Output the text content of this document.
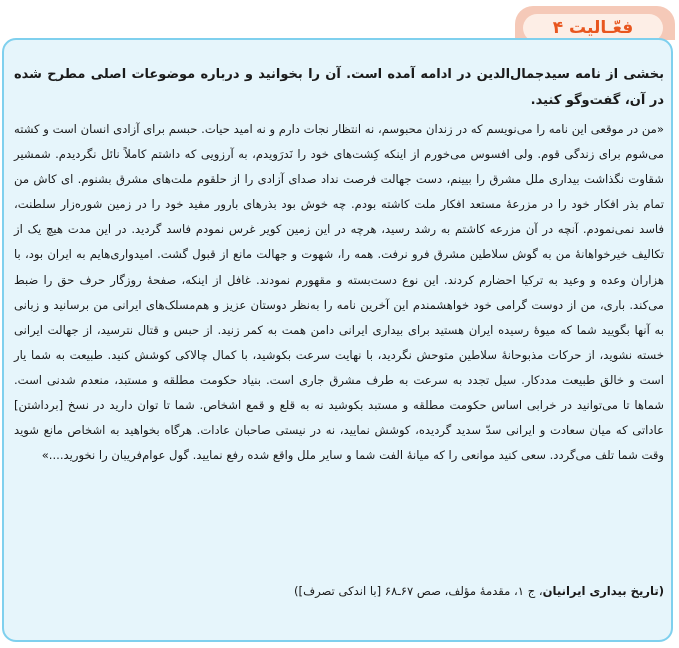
فعّـالیت ۴

بخشی از نامه سیدجمال‌الدین در ادامه آمده است. آن را بخوانید و درباره موضوعات اصلی مطرح شده در آن، گفت‌وگو کنید.

«من در موقعی این نامه را می‌نویسم که در زندان محبوسم، نه انتظار نجات دارم و نه امید حیات. حبسم برای آزادی انسان است و کشته می‌شوم برای زندگی قوم. ولی افسوس می‌خورم از اینکه کِشت‌های خود را نَدرَویدم، به آرزویی که داشتم کاملاً نائل نگردیدم. شمشیر شقاوت نگذاشت بیداری ملل مشرق را بیینم، دست جهالت فرصت نداد صدای آزادی را از حلقوم ملت‌های مشرق بشنوم. ای کاش من تمام بذر افکار خود را در مزرعهٔ مستعد افکار ملت کاشته بودم. چه خوش بود بذرهای بارور مفید خود را در زمین شوره‌زار سلطنت، فاسد نمی‌نمودم. آنچه در آن مزرعه کاشتم به رشد رسید، هرچه در این زمین کویر غرس نمودم فاسد گردید. در این مدت هیچ یک از تکالیف خیرخواهانهٔ من به گوش سلاطین مشرق فرو نرفت. همه را، شهوت و جهالت مانع از قبول گشت. امیدواری‌هایم به ایران بود، با هزاران وعده و وعید به ترکیا احضارم کردند. این نوع دست‌بسته و مقهورم نمودند. غافل از اینکه، صفحهٔ روزگار حرف حق را ضبط می‌کند. باری، من از دوست گرامی خود خواهشمندم این آخرین نامه را به‌نظر دوستان عزیز و هم‌مسلک‌های ایرانی من برسانید و زبانی به آنها بگویید شما که میوهٔ رسیده ایران هستید برای بیداری ایرانی دامن همت به کمر زنید. از حبس و قتال نترسید، از جهالت ایرانی خسته نشوید، از حرکات مذبوحانهٔ سلاطین متوحش نگردید، با نهایت سرعت بکوشید، با کمال چالاکی کوشش کنید. طبیعت به شما یار است و خالق طبیعت مددکار. سیل تجدد به سرعت به طرف مشرق جاری است. بنیاد حکومت مطلقه و مستبد، منعدم شدنی است. شماها تا می‌توانید در خرابی اساس حکومت مطلقه و مستبد بکوشید نه به قلع و قمع اشخاص. شما تا توان دارید در نسخ [برداشتن] عاداتی که میان سعادت و ایرانی سدّ سدید گردیده، کوشش نمایید، نه در نیستی صاحبان عادات. هرگاه بخواهید به اشخاص مانع شوید وقت شما تلف می‌گردد. سعی کنید موانعی را که میانهٔ الفت شما و سایر ملل واقع شده رفع نمایید. گول عوام‌فریبان را نخورید....»

(تاریخ بیداری ایرانیان، ج ۱، مقدمهٔ مؤلف، صص ۶۷ـ۶۸ [با اندکی تصرف])
